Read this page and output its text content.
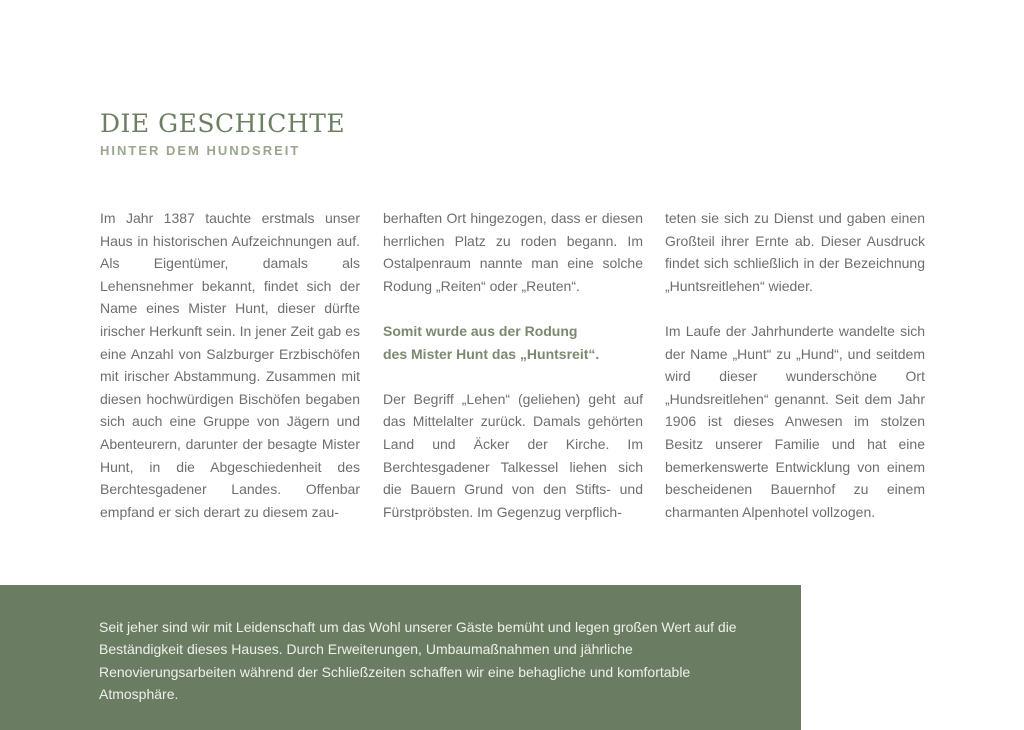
DIE GESCHICHTE
HINTER DEM HUNDSREIT

Im Jahr 1387 tauchte erstmals unser Haus in historischen Aufzeichnungen auf. Als Eigentümer, damals als Lehensnehmer bekannt, findet sich der Name eines Mister Hunt, dieser dürfte irischer Herkunft sein. In jener Zeit gab es eine Anzahl von Salzburger Erzbischöfen mit irischer Abstammung. Zusammen mit diesen hochwürdigen Bischöfen begaben sich auch eine Gruppe von Jägern und Abenteurern, darunter der besagte Mister Hunt, in die Abgeschiedenheit des Berchtesgadener Landes. Offenbar empfand er sich derart zu diesem zau-

berhaften Ort hingezogen, dass er diesen herrlichen Platz zu roden begann. Im Ostalpenraum nannte man eine solche Rodung „Reiten“ oder „Reuten“.

Somit wurde aus der Rodung
des Mister Hunt das „Huntsreit“.

Der Begriff „Lehen“ (geliehen) geht auf das Mittelalter zurück. Damals gehörten Land und Äcker der Kirche. Im Berchtesgadener Talkessel liehen sich die Bauern Grund von den Stifts- und Fürstpröbsten. Im Gegenzug verpflich-

teten sie sich zu Dienst und gaben einen Großteil ihrer Ernte ab. Dieser Ausdruck findet sich schließlich in der Bezeichnung „Huntsreitlehen“ wieder.

Im Laufe der Jahrhunderte wandelte sich der Name „Hunt“ zu „Hund“, und seitdem wird dieser wunderschöne Ort „Hundsreitlehen“ genannt. Seit dem Jahr 1906 ist dieses Anwesen im stolzen Besitz unserer Familie und hat eine bemerkenswerte Entwicklung von einem bescheidenen Bauernhof zu einem charmanten Alpenhotel vollzogen.

Seit jeher sind wir mit Leidenschaft um das Wohl unserer Gäste bemüht und legen großen Wert auf die Beständigkeit dieses Hauses. Durch Erweiterungen, Umbaumaßnahmen und jährliche Renovierungsarbeiten während der Schließzeiten schaffen wir eine behagliche und komfortable Atmosphäre.
